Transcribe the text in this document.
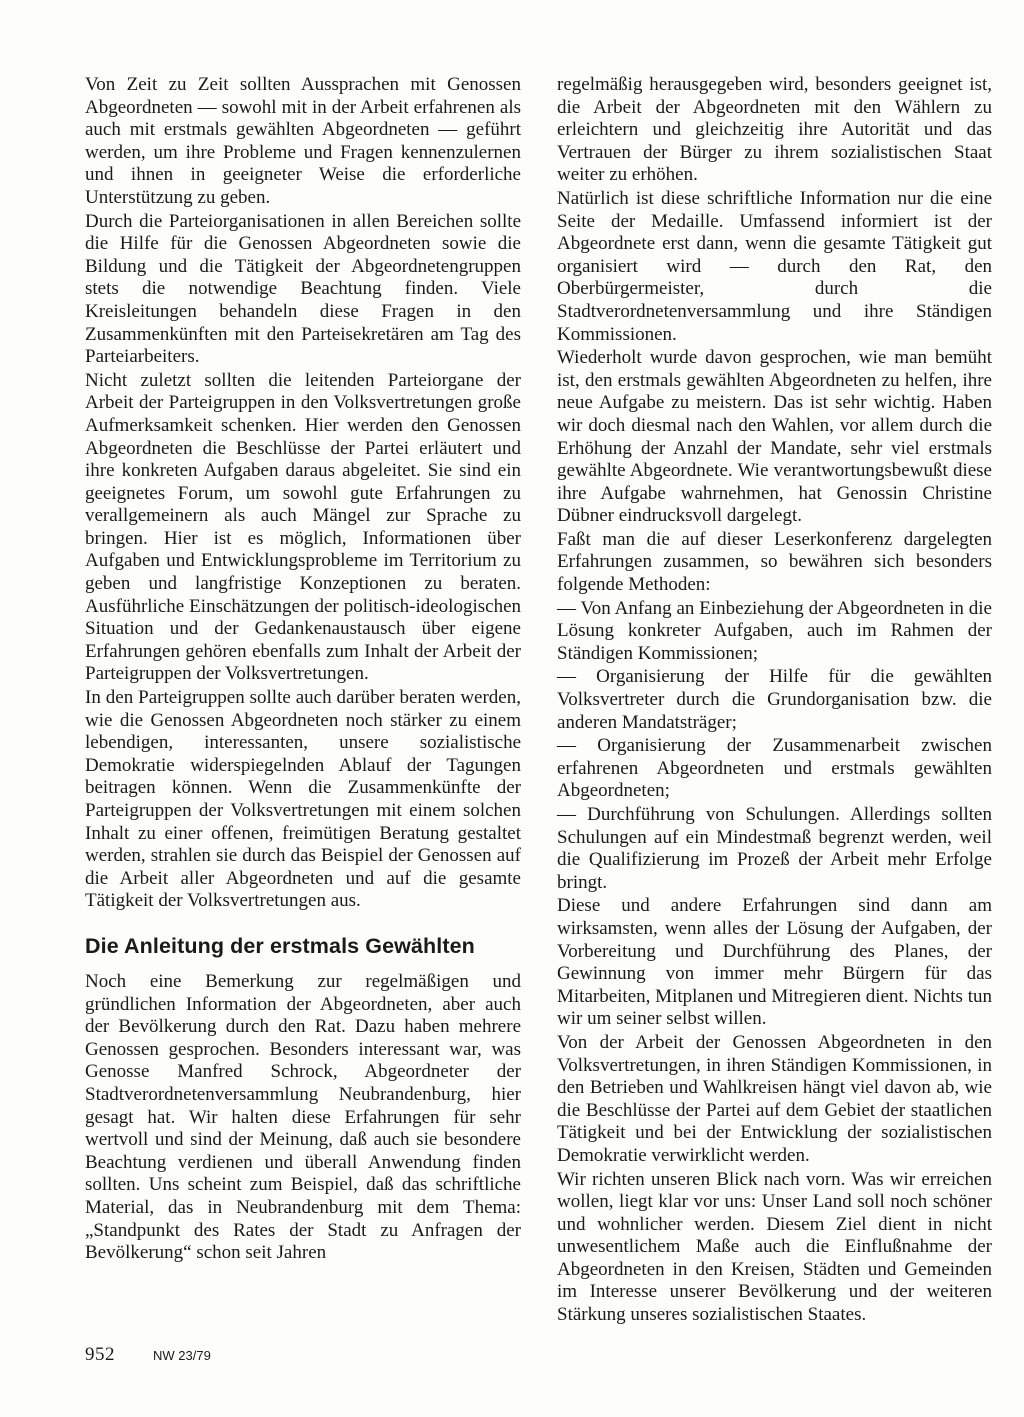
Von Zeit zu Zeit sollten Aussprachen mit Genossen Abgeordneten — sowohl mit in der Arbeit erfahrenen als auch mit erstmals gewählten Abgeordneten — geführt werden, um ihre Probleme und Fragen kennenzulernen und ihnen in geeigneter Weise die erforderliche Unterstützung zu geben.

Durch die Parteiorganisationen in allen Bereichen sollte die Hilfe für die Genossen Abgeordneten sowie die Bildung und die Tätigkeit der Abgeordnetengruppen stets die notwendige Beachtung finden. Viele Kreisleitungen behandeln diese Fragen in den Zusammenkünften mit den Parteisekretären am Tag des Parteiarbeiters.

Nicht zuletzt sollten die leitenden Parteiorgane der Arbeit der Parteigruppen in den Volksvertretungen große Aufmerksamkeit schenken. Hier werden den Genossen Abgeordneten die Beschlüsse der Partei erläutert und ihre konkreten Aufgaben daraus abgeleitet. Sie sind ein geeignetes Forum, um sowohl gute Erfahrungen zu verallgemeinern als auch Mängel zur Sprache zu bringen. Hier ist es möglich, Informationen über Aufgaben und Entwicklungsprobleme im Territorium zu geben und langfristige Konzeptionen zu beraten. Ausführliche Einschätzungen der politisch-ideologischen Situation und der Gedankenaustausch über eigene Erfahrungen gehören ebenfalls zum Inhalt der Arbeit der Parteigruppen der Volksvertretungen.

In den Parteigruppen sollte auch darüber beraten werden, wie die Genossen Abgeordneten noch stärker zu einem lebendigen, interessanten, unsere sozialistische Demokratie widerspiegelnden Ablauf der Tagungen beitragen können. Wenn die Zusammenkünfte der Parteigruppen der Volksvertretungen mit einem solchen Inhalt zu einer offenen, freimütigen Beratung gestaltet werden, strahlen sie durch das Beispiel der Genossen auf die Arbeit aller Abgeordneten und auf die gesamte Tätigkeit der Volksvertretungen aus.

Die Anleitung der erstmals Gewählten

Noch eine Bemerkung zur regelmäßigen und gründlichen Information der Abgeordneten, aber auch der Bevölkerung durch den Rat. Dazu haben mehrere Genossen gesprochen. Besonders interessant war, was Genosse Manfred Schrock, Abgeordneter der Stadtverordnetenversammlung Neubrandenburg, hier gesagt hat. Wir halten diese Erfahrungen für sehr wertvoll und sind der Meinung, daß auch sie besondere Beachtung verdienen und überall Anwendung finden sollten. Uns scheint zum Beispiel, daß das schriftliche Material, das in Neubrandenburg mit dem Thema: „Standpunkt des Rates der Stadt zu Anfragen der Bevölkerung“ schon seit Jahren

regelmäßig herausgegeben wird, besonders geeignet ist, die Arbeit der Abgeordneten mit den Wählern zu erleichtern und gleichzeitig ihre Autorität und das Vertrauen der Bürger zu ihrem sozialistischen Staat weiter zu erhöhen.

Natürlich ist diese schriftliche Information nur die eine Seite der Medaille. Umfassend informiert ist der Abgeordnete erst dann, wenn die gesamte Tätigkeit gut organisiert wird — durch den Rat, den Oberbürgermeister, durch die Stadtverordnetenversammlung und ihre Ständigen Kommissionen.

Wiederholt wurde davon gesprochen, wie man bemüht ist, den erstmals gewählten Abgeordneten zu helfen, ihre neue Aufgabe zu meistern. Das ist sehr wichtig. Haben wir doch diesmal nach den Wahlen, vor allem durch die Erhöhung der Anzahl der Mandate, sehr viel erstmals gewählte Abgeordnete. Wie verantwortungsbewußt diese ihre Aufgabe wahrnehmen, hat Genossin Christine Dübner eindrucksvoll dargelegt.

Faßt man die auf dieser Leserkonferenz dargelegten Erfahrungen zusammen, so bewähren sich besonders folgende Methoden:

— Von Anfang an Einbeziehung der Abgeordneten in die Lösung konkreter Aufgaben, auch im Rahmen der Ständigen Kommissionen;

— Organisierung der Hilfe für die gewählten Volksvertreter durch die Grundorganisation bzw. die anderen Mandatsträger;

— Organisierung der Zusammenarbeit zwischen erfahrenen Abgeordneten und erstmals gewählten Abgeordneten;

— Durchführung von Schulungen. Allerdings sollten Schulungen auf ein Mindestmaß begrenzt werden, weil die Qualifizierung im Prozeß der Arbeit mehr Erfolge bringt.

Diese und andere Erfahrungen sind dann am wirksamsten, wenn alles der Lösung der Aufgaben, der Vorbereitung und Durchführung des Planes, der Gewinnung von immer mehr Bürgern für das Mitarbeiten, Mitplanen und Mitregieren dient. Nichts tun wir um seiner selbst willen.

Von der Arbeit der Genossen Abgeordneten in den Volksvertretungen, in ihren Ständigen Kommissionen, in den Betrieben und Wahlkreisen hängt viel davon ab, wie die Beschlüsse der Partei auf dem Gebiet der staatlichen Tätigkeit und bei der Entwicklung der sozialistischen Demokratie verwirklicht werden.

Wir richten unseren Blick nach vorn. Was wir erreichen wollen, liegt klar vor uns: Unser Land soll noch schöner und wohnlicher werden. Diesem Ziel dient in nicht unwesentlichem Maße auch die Einflußnahme der Abgeordneten in den Kreisen, Städten und Gemeinden im Interesse unserer Bevölkerung und der weiteren Stärkung unseres sozialistischen Staates.

952	NW 23/79
